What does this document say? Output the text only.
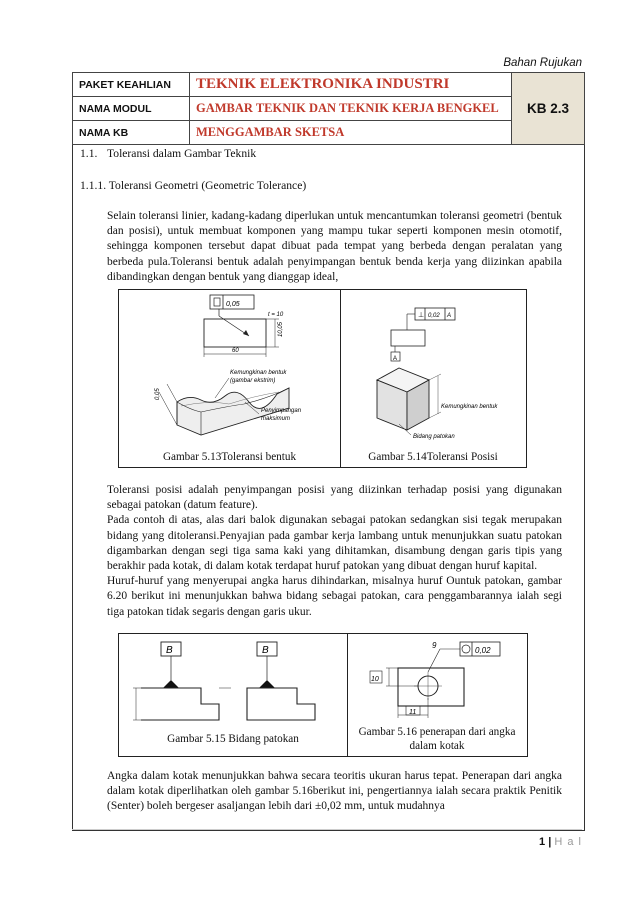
Bahan Rujukan
PAKET KEAHLIAN	TEKNIK ELEKTRONIKA INDUSTRI	KB 2.3
NAMA MODUL	GAMBAR TEKNIK DAN TEKNIK KERJA BENGKEL	
NAMA KB	MENGGAMBAR SKETSA	
1.1. Toleransi dalam Gambar Teknik
1.1.1. Toleransi Geometri (Geometric Tolerance)

Selain toleransi linier, kadang-kadang diperlukan untuk mencantumkan toleransi geometri (bentuk dan posisi), untuk membuat komponen yang mampu tukar seperti komponen mesin otomotif, sehingga komponen tersebut dapat dibuat pada tempat yang berbeda dengan peralatan yang berbeda pula.Toleransi bentuk adalah penyimpangan bentuk benda kerja yang diizinkan apabila dibandingkan dengan bentuk yang dianggap ideal,

0,05
t = 10
10,05
60
0,05
Kemungkinan bentuk
(gambar ekstrim)
Penyimpangan
maksimum
⊥ 0,02 A
A
Kemungkinan bentuk
Bidang patokan
Gambar 5.13Toleransi bentuk	Gambar 5.14Toleransi Posisi

Toleransi posisi adalah penyimpangan posisi yang diizinkan terhadap posisi yang digunakan sebagai patokan (datum feature).

Pada contoh di atas, alas dari balok digunakan sebagai patokan sedangkan sisi tegak merupakan bidang yang ditoleransi.Penyajian pada gambar kerja lambang untuk menunjukkan suatu patokan digambarkan dengan segi tiga sama kaki yang dihitamkan, disambung dengan garis tipis yang berakhir pada kotak, di dalam kotak terdapat huruf patokan yang dibuat dengan huruf kapital.

Huruf-huruf yang menyerupai angka harus dihindarkan, misalnya huruf Ountuk patokan, gambar 6.20 berikut ini menunjukkan bahwa bidang sebagai patokan, cara penggambarannya ialah segi tiga patokan tidak segaris dengan garis ukur.

B	B	0,02
9
10
11
Gambar 5.15 Bidang patokan
Gambar 5.16 penerapan dari angka dalam kotak

Angka dalam kotak menunjukkan bahwa secara teoritis ukuran harus tepat. Penerapan dari angka dalam kotak diperlihatkan oleh gambar 5.16berikut ini, pengertiannya ialah secara praktik Penitik (Senter) boleh bergeser asaljangan lebih dari ±0,02 mm, untuk mudahnya

1 | H a l
